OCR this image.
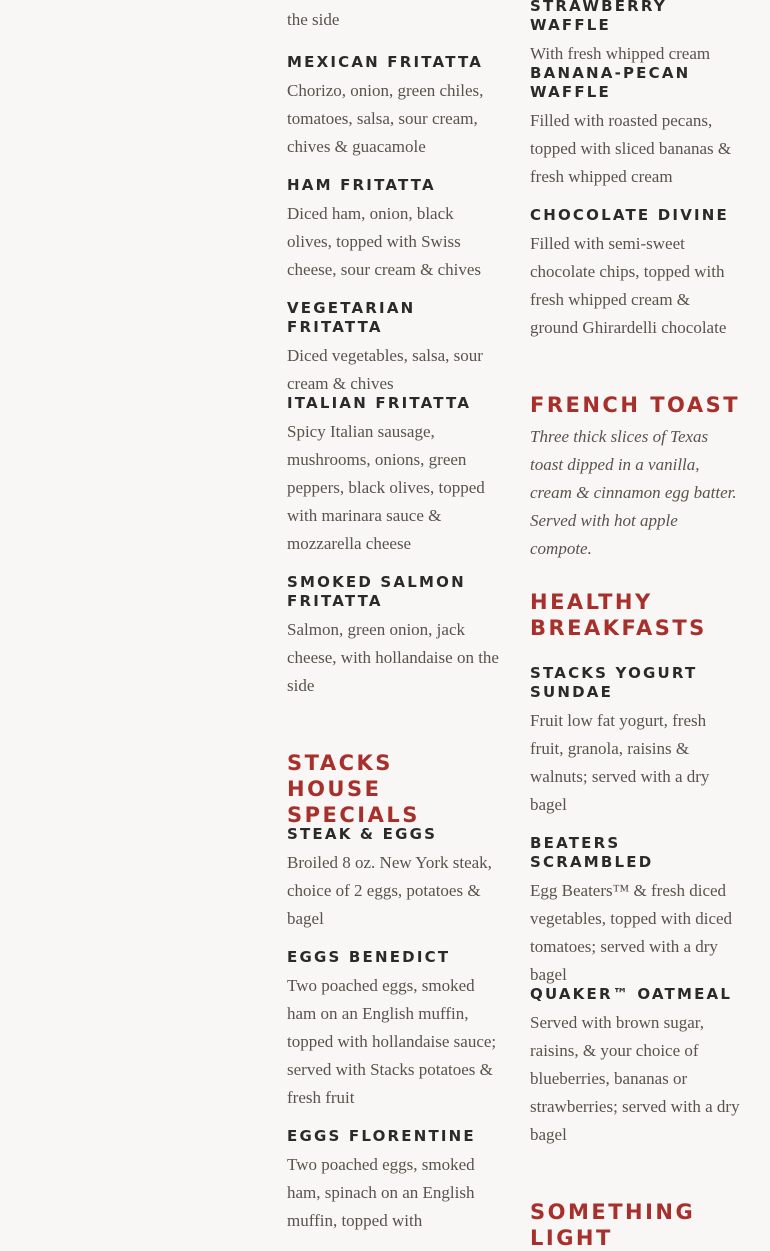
the side

MEXICAN FRITATTA

Chorizo, onion, green chiles, tomatoes, salsa, sour cream, chives & guacamole

HAM FRITATTA

Diced ham, onion, black olives, topped with Swiss cheese, sour cream & chives

VEGETARIAN FRITATTA

Diced vegetables, salsa, sour cream & chives

ITALIAN FRITATTA

Spicy Italian sausage, mushrooms, onions, green peppers, black olives, topped with marinara sauce & mozzarella cheese

SMOKED SALMON FRITATTA

Salmon, green onion, jack cheese, with hollandaise on the side

STACKS HOUSE SPECIALS

STEAK & EGGS

Broiled 8 oz. New York steak, choice of 2 eggs, potatoes & bagel

EGGS BENEDICT

Two poached eggs, smoked ham on an English muffin, topped with hollandaise sauce; served with Stacks potatoes & fresh fruit

EGGS FLORENTINE

Two poached eggs, smoked ham, spinach on an English muffin, topped with

STRAWBERRY WAFFLE

With fresh whipped cream

BANANA-PECAN WAFFLE

Filled with roasted pecans, topped with sliced bananas & fresh whipped cream

CHOCOLATE DIVINE

Filled with semi-sweet chocolate chips, topped with fresh whipped cream & ground Ghirardelli chocolate

FRENCH TOAST

Three thick slices of Texas toast dipped in a vanilla, cream & cinnamon egg batter. Served with hot apple compote.

HEALTHY BREAKFASTS

STACKS YOGURT SUNDAE

Fruit low fat yogurt, fresh fruit, granola, raisins & walnuts; served with a dry bagel

BEATERS SCRAMBLED

Egg Beaters™ & fresh diced vegetables, topped with diced tomatoes; served with a dry bagel

QUAKER™ OATMEAL

Served with brown sugar, raisins, & your choice of blueberries, bananas or strawberries; served with a dry bagel

SOMETHING LIGHT
